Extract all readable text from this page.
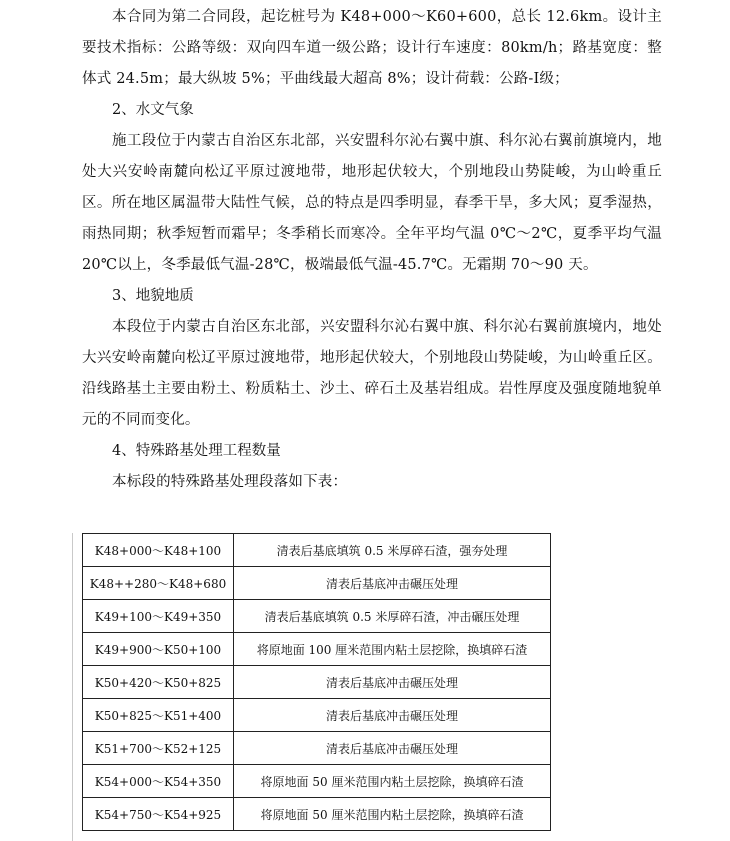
本合同为第二合同段，起讫桩号为 K48+000～K60+600，总长 12.6km。设计主要技术指标：公路等级：双向四车道一级公路；设计行车速度：80km/h；路基宽度：整体式 24.5m；最大纵坡 5%；平曲线最大超高 8%；设计荷载：公路-Ⅰ级；

2、水文气象

施工段位于内蒙古自治区东北部，兴安盟科尔沁右翼中旗、科尔沁右翼前旗境内，地处大兴安岭南麓向松辽平原过渡地带，地形起伏较大，个别地段山势陡峻，为山岭重丘区。所在地区属温带大陆性气候，总的特点是四季明显，春季干旱，多大风；夏季湿热，雨热同期；秋季短暂而霜早；冬季稍长而寒冷。全年平均气温 0℃～2℃，夏季平均气温 20℃以上，冬季最低气温-28℃，极端最低气温-45.7℃。无霜期 70～90 天。

3、地貌地质

本段位于内蒙古自治区东北部，兴安盟科尔沁右翼中旗、科尔沁右翼前旗境内，地处大兴安岭南麓向松辽平原过渡地带，地形起伏较大，个别地段山势陡峻，为山岭重丘区。沿线路基土主要由粉土、粉质粘土、沙土、碎石土及基岩组成。岩性厚度及强度随地貌单元的不同而变化。

4、特殊路基处理工程数量

本标段的特殊路基处理段落如下表：

K48+000～K48+100	清表后基底填筑 0.5 米厚碎石渣，强夯处理
K48++280～K48+680	清表后基底冲击碾压处理
K49+100～K49+350	清表后基底填筑 0.5 米厚碎石渣，冲击碾压处理
K49+900～K50+100	将原地面 100 厘米范围内粘土层挖除，换填碎石渣
K50+420～K50+825	清表后基底冲击碾压处理
K50+825～K51+400	清表后基底冲击碾压处理
K51+700～K52+125	清表后基底冲击碾压处理
K54+000～K54+350	将原地面 50 厘米范围内粘土层挖除，换填碎石渣
K54+750～K54+925	将原地面 50 厘米范围内粘土层挖除，换填碎石渣
